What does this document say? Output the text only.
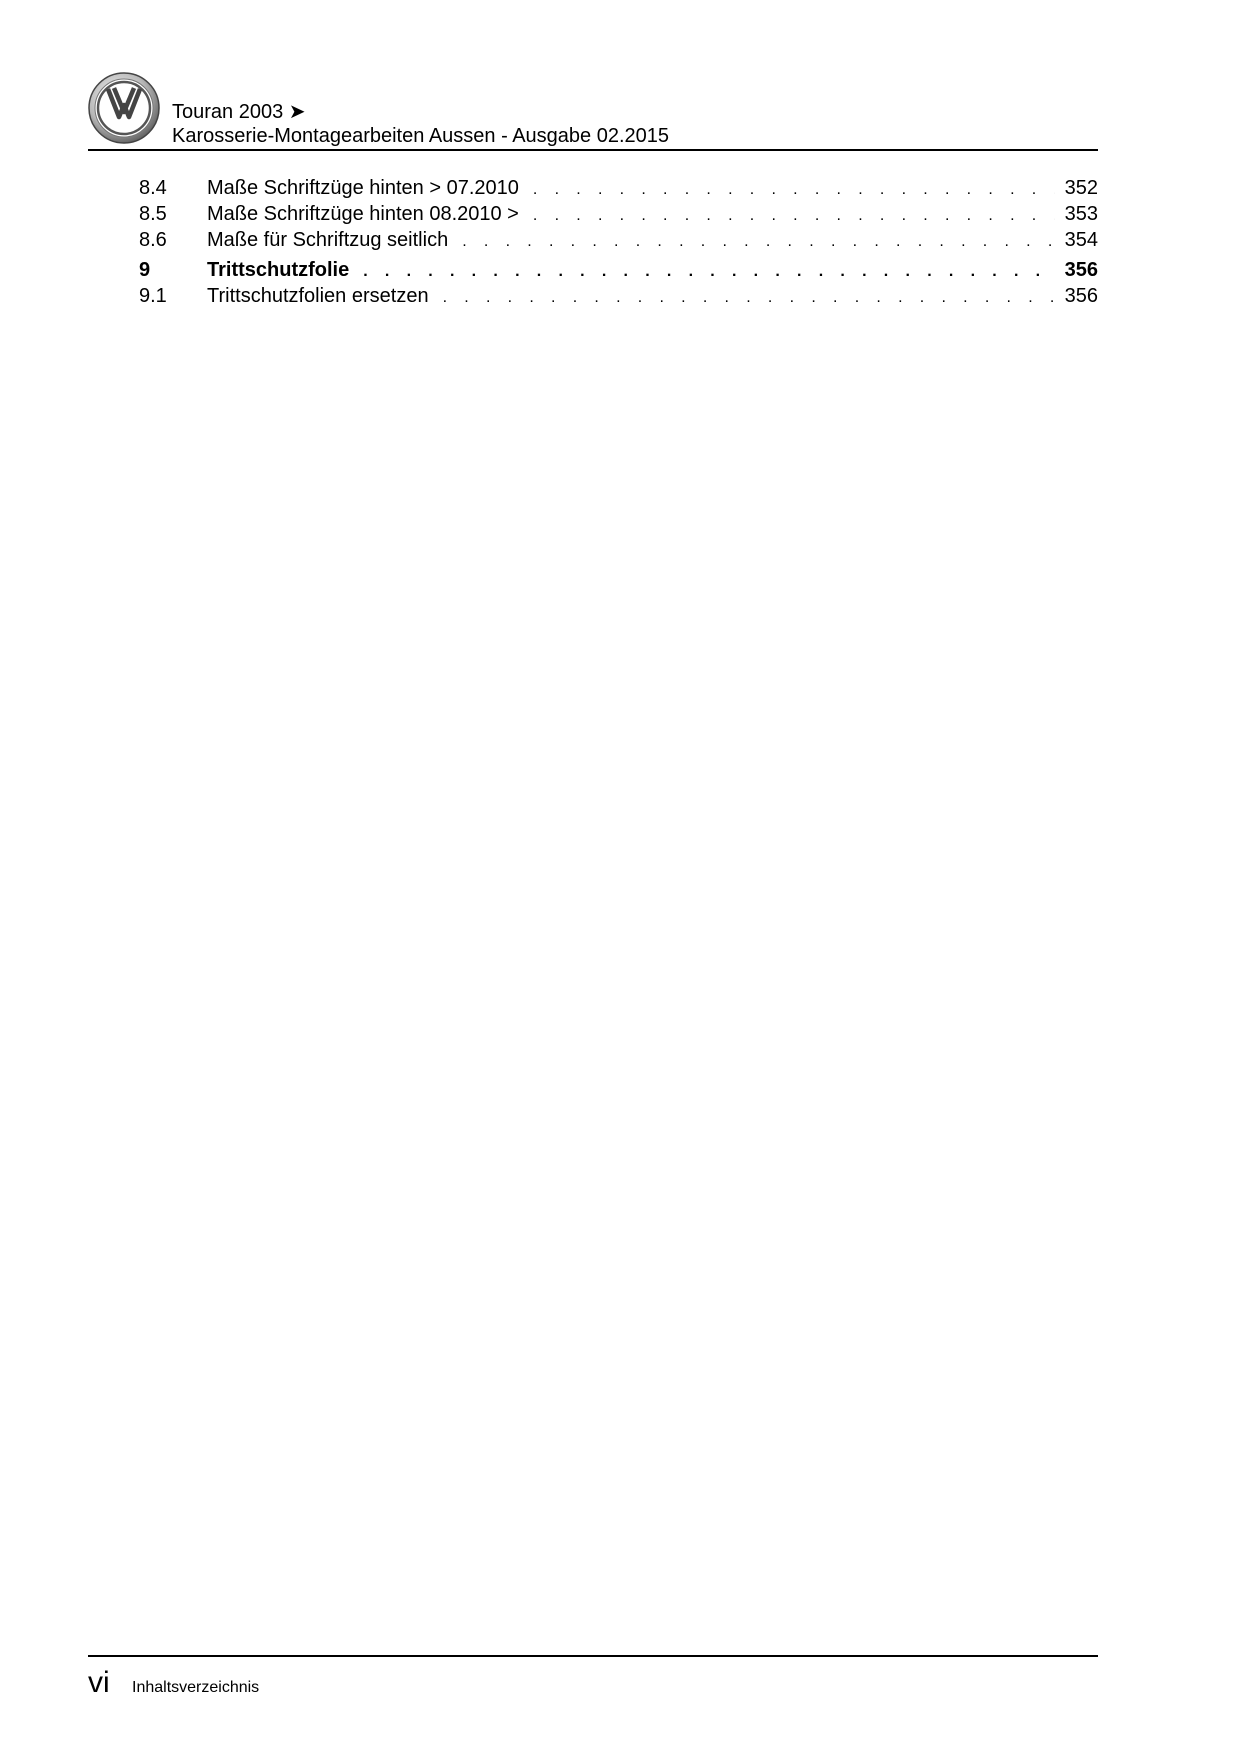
Touran 2003 ➤
Karosserie-Montagearbeiten Aussen - Ausgabe 02.2015
8.4	Maße Schriftzüge hinten > 07.2010 . . .	352
8.5	Maße Schriftzüge hinten 08.2010 > . . .	353
8.6	Maße für Schriftzug seitlich . . .	354
9	Trittschutzfolie . . .	356
9.1	Trittschutzfolien ersetzen . . .	356
vi Inhaltsverzeichnis
